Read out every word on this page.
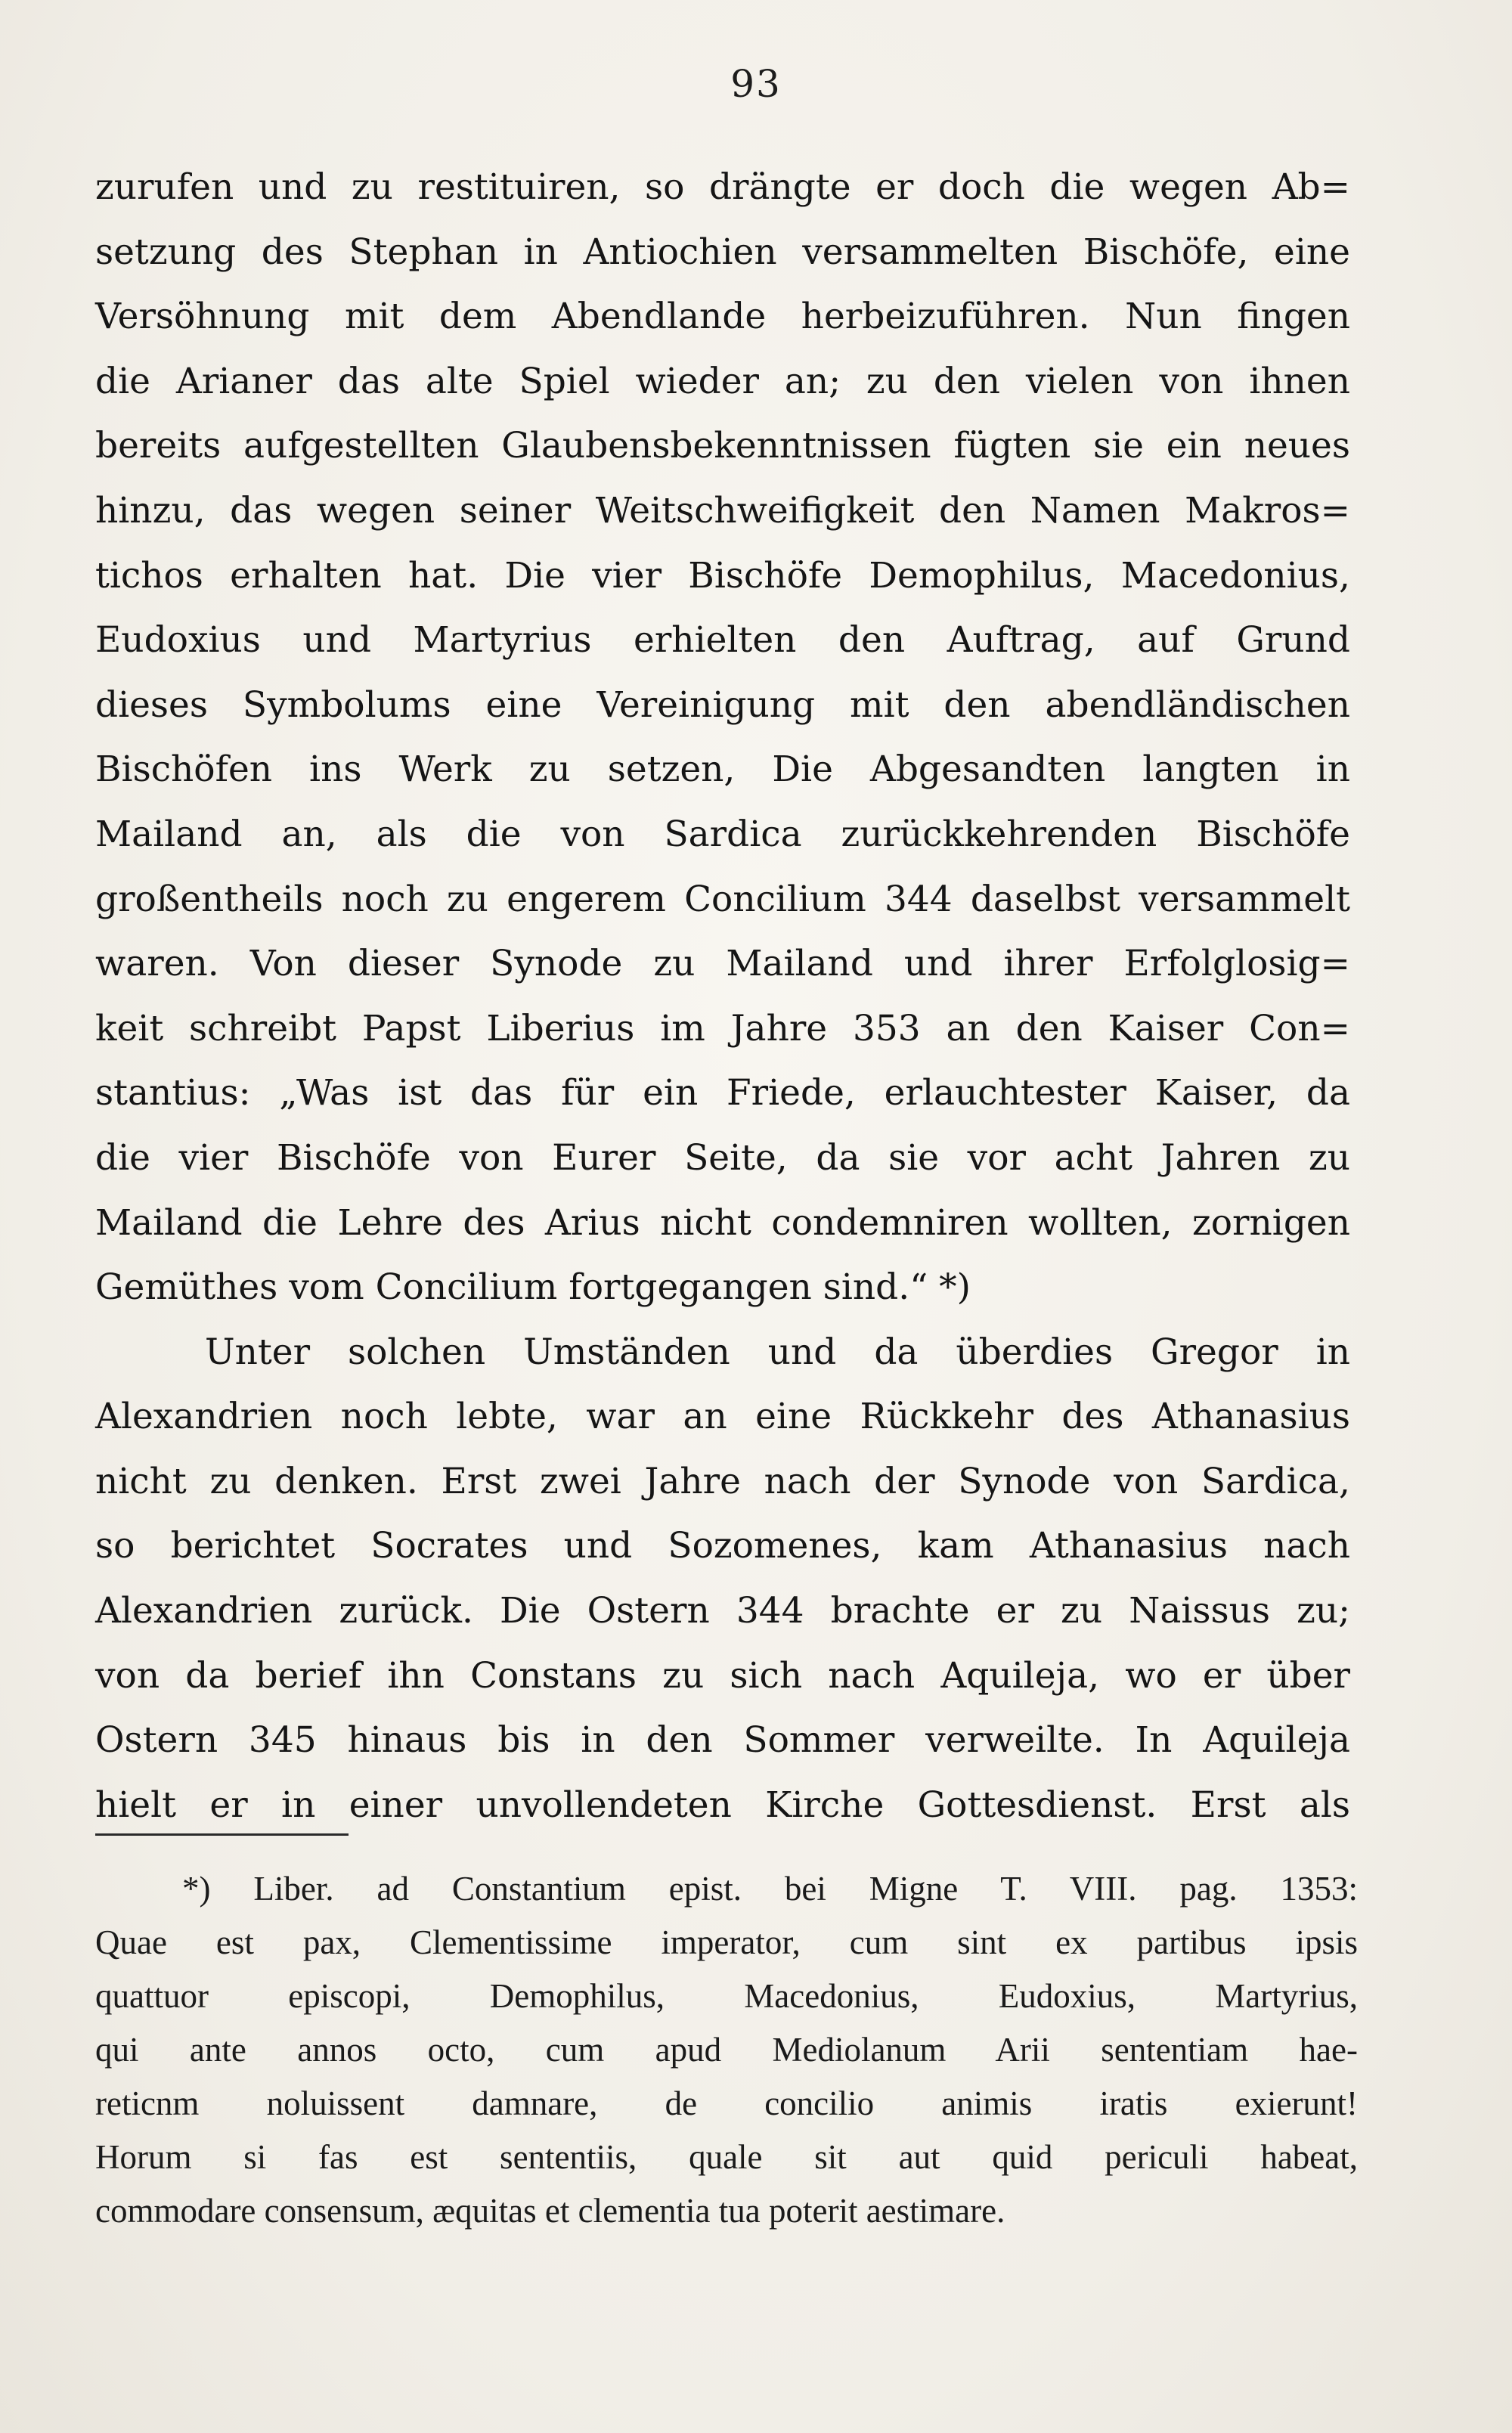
93
zurufen und zu restituiren, so drängte er doch die wegen Ab=
setzung des Stephan in Antiochien versammelten Bischöfe, eine
Versöhnung mit dem Abendlande herbeizuführen. Nun fingen
die Arianer das alte Spiel wieder an; zu den vielen von ihnen
bereits aufgestellten Glaubensbekenntnissen fügten sie ein neues
hinzu, das wegen seiner Weitschweifigkeit den Namen Makros=
tichos erhalten hat. Die vier Bischöfe Demophilus, Macedonius,
Eudoxius und Martyrius erhielten den Auftrag, auf Grund
dieses Symbolums eine Vereinigung mit den abendländischen
Bischöfen ins Werk zu setzen, Die Abgesandten langten in
Mailand an, als die von Sardica zurückkehrenden Bischöfe
großentheils noch zu engerem Concilium 344 daselbst versammelt
waren. Von dieser Synode zu Mailand und ihrer Erfolglosig=
keit schreibt Papst Liberius im Jahre 353 an den Kaiser Con=
stantius: „Was ist das für ein Friede, erlauchtester Kaiser, da
die vier Bischöfe von Eurer Seite, da sie vor acht Jahren zu
Mailand die Lehre des Arius nicht condemniren wollten, zornigen
Gemüthes vom Concilium fortgegangen sind.“ *)
Unter solchen Umständen und da überdies Gregor in
Alexandrien noch lebte, war an eine Rückkehr des Athanasius
nicht zu denken. Erst zwei Jahre nach der Synode von Sardica,
so berichtet Socrates und Sozomenes, kam Athanasius nach
Alexandrien zurück. Die Ostern 344 brachte er zu Naissus zu;
von da berief ihn Constans zu sich nach Aquileja, wo er über
Ostern 345 hinaus bis in den Sommer verweilte. In Aquileja
hielt er in einer unvollendeten Kirche Gottesdienst. Erst als
*) Liber. ad Constantium epist. bei Migne T. VIII. pag. 1353:
Quae est pax, Clementissime imperator, cum sint ex partibus ipsis
quattuor episcopi, Demophilus, Macedonius, Eudoxius, Martyrius,
qui ante annos octo, cum apud Mediolanum Arii sententiam hae-
reticnm noluissent damnare, de concilio animis iratis exierunt!
Horum si fas est sententiis, quale sit aut quid periculi habeat,
commodare consensum, æquitas et clementia tua poterit aestimare.
